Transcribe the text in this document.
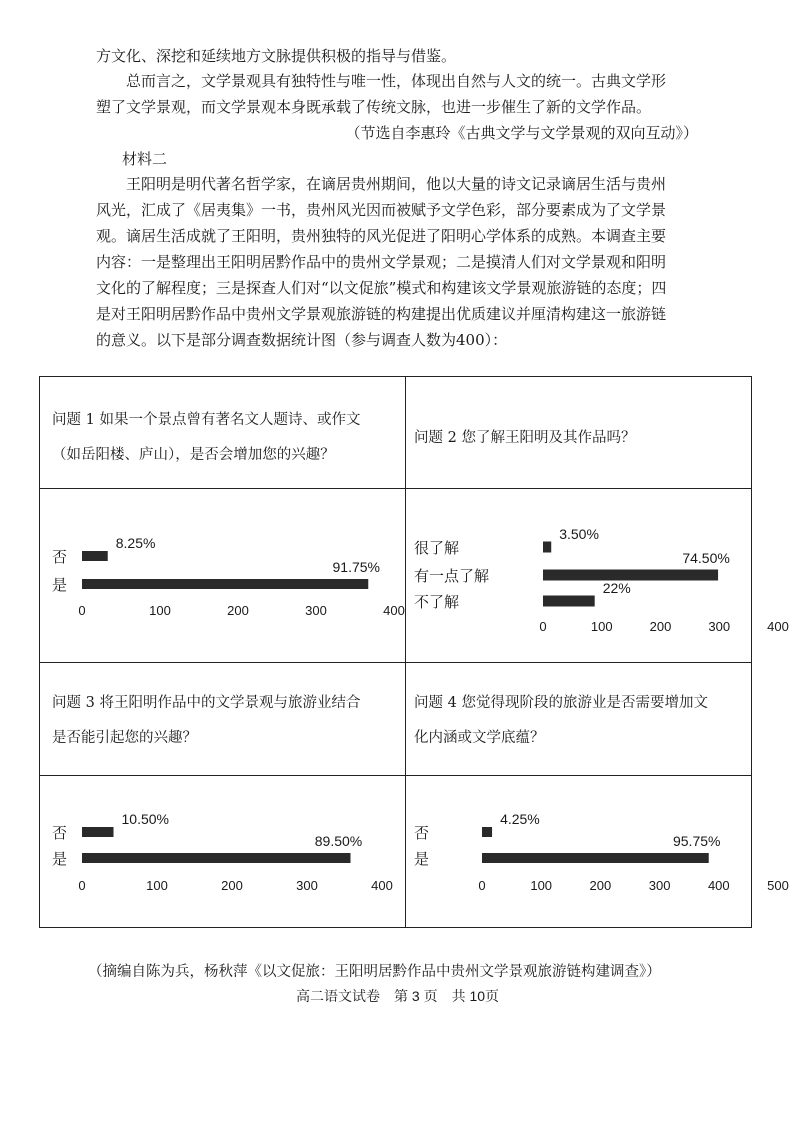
方文化、深挖和延续地方文脉提供积极的指导与借鉴。
总而言之，文学景观具有独特性与唯一性，体现出自然与人文的统一。古典文学形
塑了文学景观，而文学景观本身既承载了传统文脉，也进一步催生了新的文学作品。
（节选自李惠玲《古典文学与文学景观的双向互动》）
材料二
王阳明是明代著名哲学家，在谪居贵州期间，他以大量的诗文记录谪居生活与贵州
风光，汇成了《居夷集》一书，贵州风光因而被赋予文学色彩，部分要素成为了文学景
观。谪居生活成就了王阳明，贵州独特的风光促进了阳明心学体系的成熟。本调查主要
内容：一是整理出王阳明居黔作品中的贵州文学景观；二是摸清人们对文学景观和阳明
文化的了解程度；三是探查人们对“以文促旅”模式和构建该文学景观旅游链的态度；四
是对王阳明居黔作品中贵州文学景观旅游链的构建提出优质建议并厘清构建这一旅游链
的意义。以下是部分调查数据统计图（参与调查人数为400）：
问题 1 如果一个景点曾有著名文人题诗、或作文
（如岳阳楼、庐山），是否会增加您的兴趣？
问题 2 您了解王阳明及其作品吗？
问题 3 将王阳明作品中的文学景观与旅游业结合
是否能引起您的兴趣？
问题 4 您觉得现阶段的旅游业是否需要增加文
化内涵或文学底蕴？
否
8.25%
是
91.75%
0	100	200	300	400
很了解
3.50%
有一点了解
74.50%
不了解
22%
0	100	200	300	400
否
10.50%
是
89.50%
0	100	200	300	400
否
4.25%
是
95.75%
0	100	200	300	400	500
（摘编自陈为兵，杨秋萍《以文促旅：王阳明居黔作品中贵州文学景观旅游链构建调查》）
高二语文试卷　第 3 页　共 10页
